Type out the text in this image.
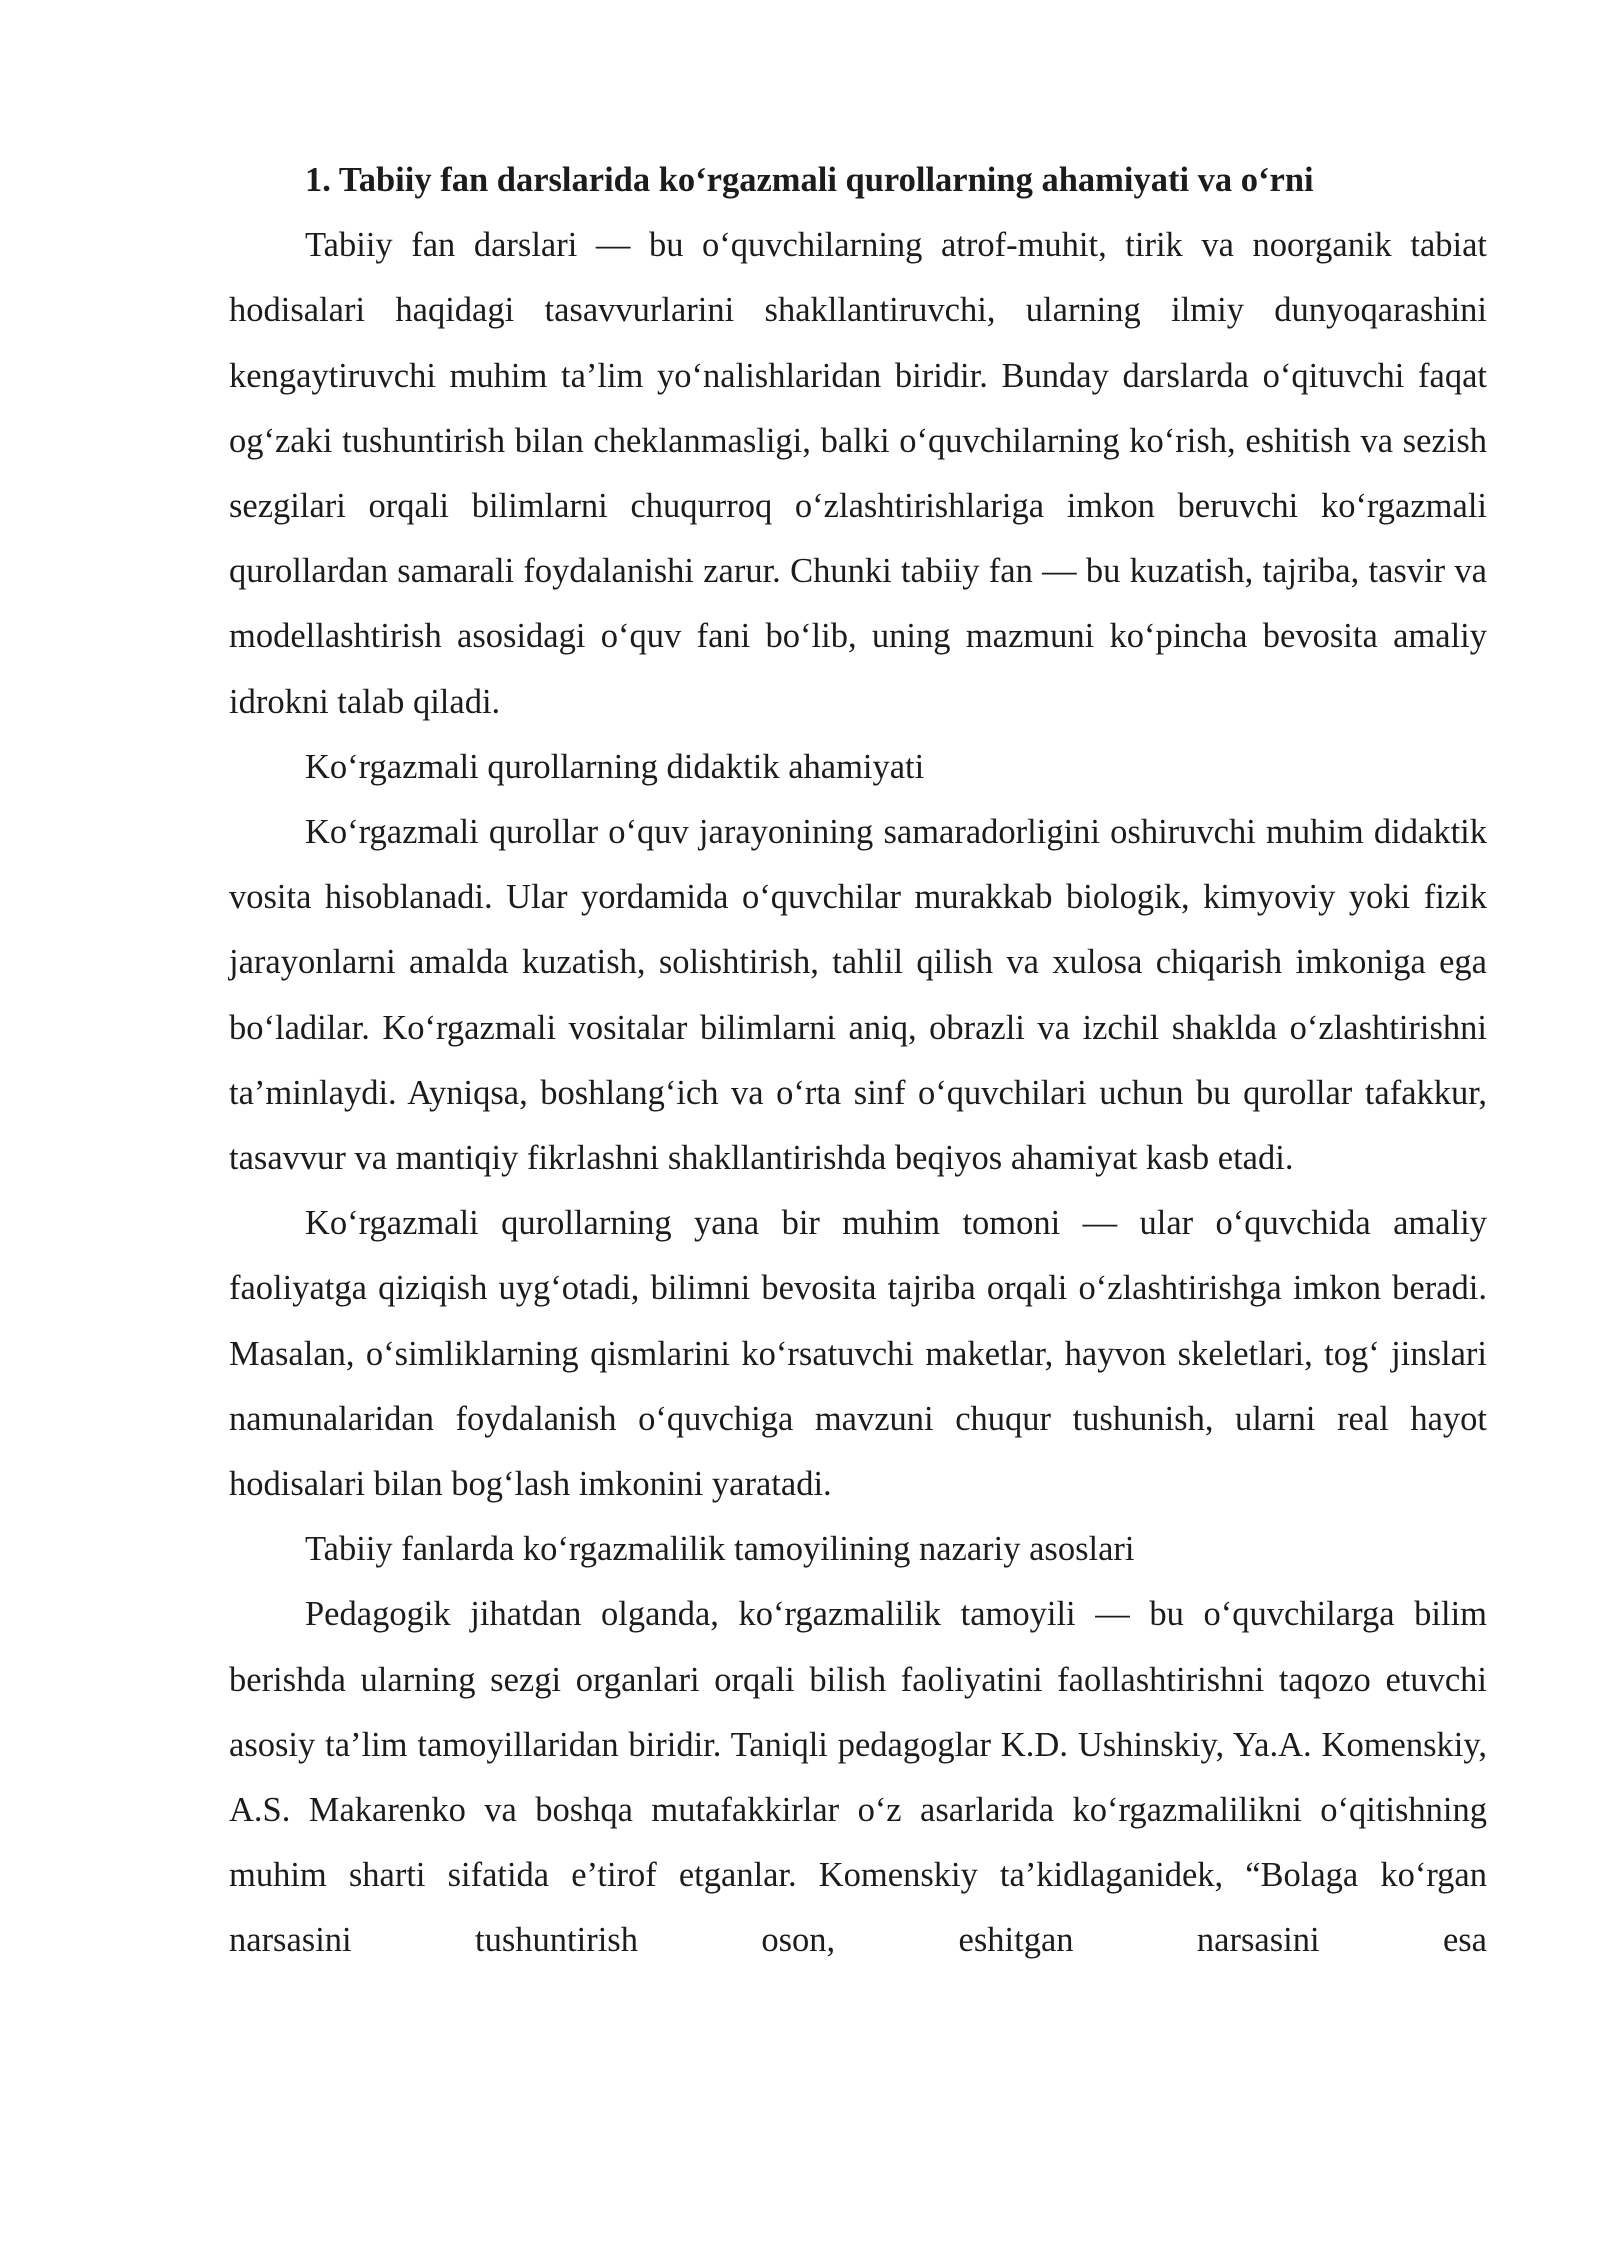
1. Tabiiy fan darslarida ko‘rgazmali qurollarning ahamiyati va o‘rni

Tabiiy fan darslari — bu o‘quvchilarning atrof-muhit, tirik va noorganik tabiat hodisalari haqidagi tasavvurlarini shakllantiruvchi, ularning ilmiy dunyoqarashini kengaytiruvchi muhim ta’lim yo‘nalishlaridan biridir. Bunday darslarda o‘qituvchi faqat og‘zaki tushuntirish bilan cheklanmasligi, balki o‘quvchilarning ko‘rish, eshitish va sezish sezgilari orqali bilimlarni chuqurroq o‘zlashtirishlariga imkon beruvchi ko‘rgazmali qurollardan samarali foydalanishi zarur. Chunki tabiiy fan — bu kuzatish, tajriba, tasvir va modellashtirish asosidagi o‘quv fani bo‘lib, uning mazmuni ko‘pincha bevosita amaliy idrokni talab qiladi.

Ko‘rgazmali qurollarning didaktik ahamiyati

Ko‘rgazmali qurollar o‘quv jarayonining samaradorligini oshiruvchi muhim didaktik vosita hisoblanadi. Ular yordamida o‘quvchilar murakkab biologik, kimyoviy yoki fizik jarayonlarni amalda kuzatish, solishtirish, tahlil qilish va xulosa chiqarish imkoniga ega bo‘ladilar. Ko‘rgazmali vositalar bilimlarni aniq, obrazli va izchil shaklda o‘zlashtirishni ta’minlaydi. Ayniqsa, boshlang‘ich va o‘rta sinf o‘quvchilari uchun bu qurollar tafakkur, tasavvur va mantiqiy fikrlashni shakllantirishda beqiyos ahamiyat kasb etadi.

Ko‘rgazmali qurollarning yana bir muhim tomoni — ular o‘quvchida amaliy faoliyatga qiziqish uyg‘otadi, bilimni bevosita tajriba orqali o‘zlashtirishga imkon beradi. Masalan, o‘simliklarning qismlarini ko‘rsatuvchi maketlar, hayvon skeletlari, tog‘ jinslari namunalaridan foydalanish o‘quvchiga mavzuni chuqur tushunish, ularni real hayot hodisalari bilan bog‘lash imkonini yaratadi.

Tabiiy fanlarda ko‘rgazmalilik tamoyilining nazariy asoslari

Pedagogik jihatdan olganda, ko‘rgazmalilik tamoyili — bu o‘quvchilarga bilim berishda ularning sezgi organlari orqali bilish faoliyatini faollashtirishni taqozo etuvchi asosiy ta’lim tamoyillaridan biridir. Taniqli pedagoglar K.D. Ushinskiy, Ya.A. Komenskiy, A.S. Makarenko va boshqa mutafakkirlar o‘z asarlarida ko‘rgazmalilikni o‘qitishning muhim sharti sifatida e’tirof etganlar. Komenskiy ta’kidlaganidek, “Bolaga ko‘rgan narsasini tushuntirish oson, eshitgan narsasini esa
